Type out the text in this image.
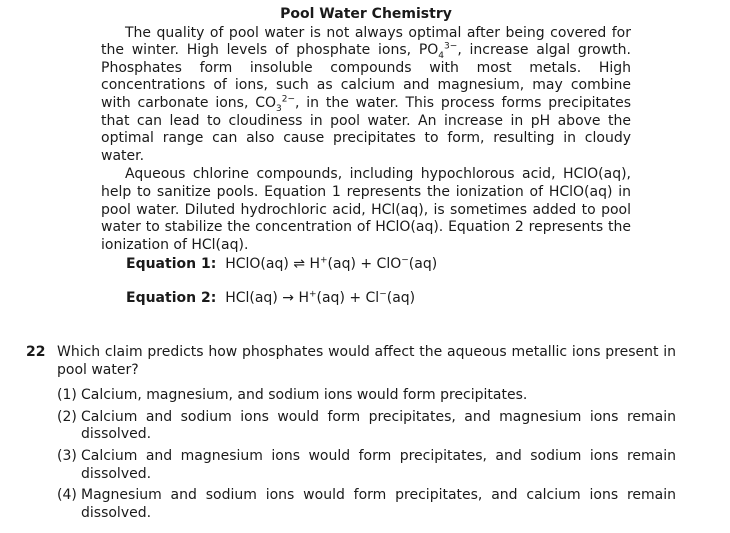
Pool Water Chemistry

The quality of pool water is not always optimal after being covered for the winter. High levels of phosphate ions, $PO_4^{3-}$, increase algal growth. Phosphates form insoluble compounds with most metals. High concentrations of ions, such as calcium and magnesium, may combine with carbonate ions, $CO_3^{2-}$, in the water. This process forms precipitates that can lead to cloudiness in pool water. An increase in pH above the optimal range can also cause precipitates to form, resulting in cloudy water.

Aqueous chlorine compounds, including hypochlorous acid, HClO(aq), help to sanitize pools. Equation 1 represents the ionization of HClO(aq) in pool water. Diluted hydrochloric acid, HCl(aq), is sometimes added to pool water to stabilize the concentration of HClO(aq). Equation 2 represents the ionization of HCl(aq).

Equation 1: HClO(aq) ⇌ H+(aq) + ClO−(aq)
Equation 2: HCl(aq) → H+(aq) + Cl−(aq)
22 Which claim predicts how phosphates would affect the aqueous metallic ions present in pool water?
(1) Calcium, magnesium, and sodium ions would form precipitates.
(2) Calcium and sodium ions would form precipitates, and magnesium ions remain dissolved.
(3) Calcium and magnesium ions would form precipitates, and sodium ions remain dissolved.
(4) Magnesium and sodium ions would form precipitates, and calcium ions remain dissolved.
